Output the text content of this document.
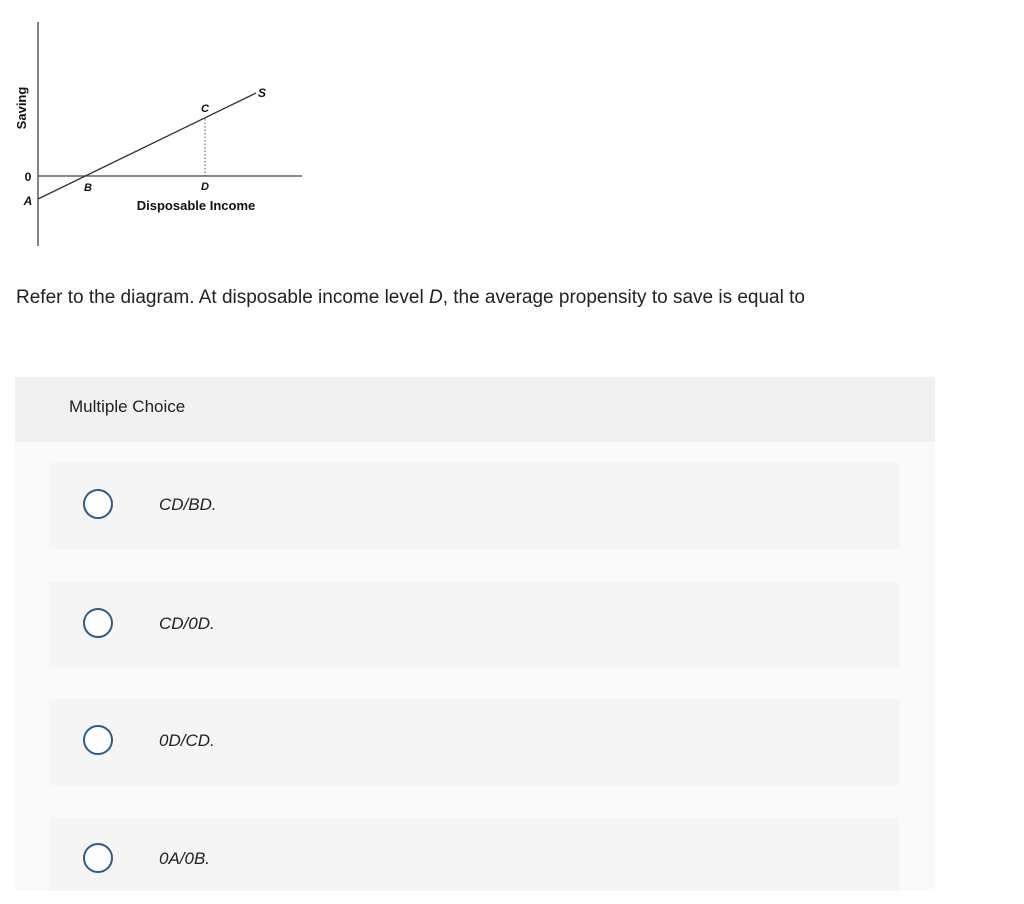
Saving
Disposable Income
S
0
A
B
C
D
Refer to the diagram. At disposable income level D, the average propensity to save is equal to
Multiple Choice
CD/BD.
CD/0D.
0D/CD.
0A/0B.
